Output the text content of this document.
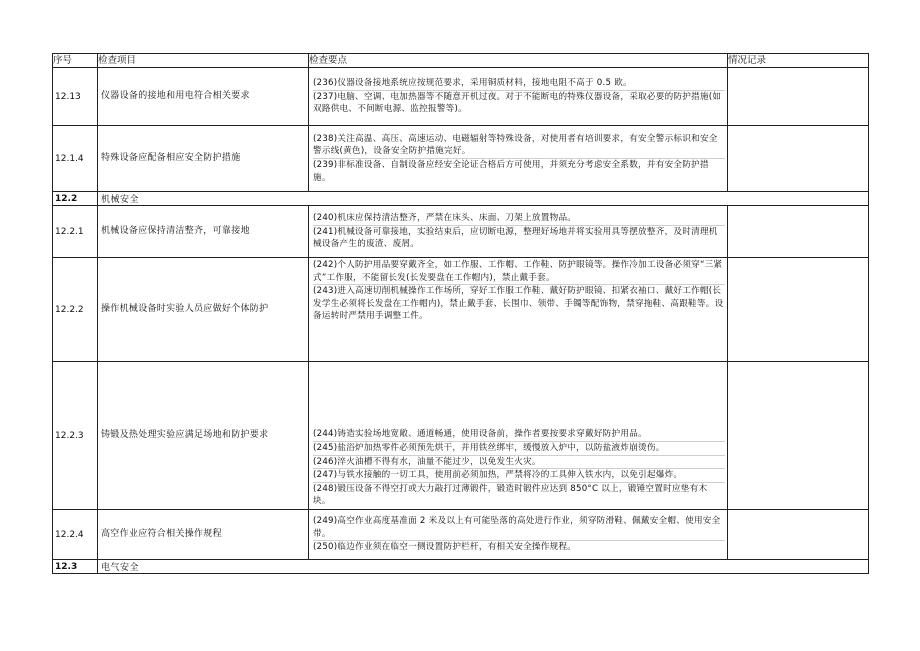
序号	检查项目	检查要点	情况记录
12.13	仪器设备的接地和用电符合相关要求	(236)仪器设备接地系统应按规范要求，采用铜质材料，接地电阻不高于 0.5 欧。

(237)电脑、空调、电加热器等不随意开机过夜。对于不能断电的特殊仪器设备，采取必要的防护措施(如双路供电、不间断电源、监控报警等)。	

12.1.4	特殊设备应配备相应安全防护措施	(238)关注高温、高压、高速运动、电磁辐射等特殊设备，对使用者有培训要求，有安全警示标识和安全警示线(黄色)，设备安全防护措施完好。

(239)非标准设备、自制设备应经安全论证合格后方可使用，并须充分考虑安全系数，并有安全防护措施。	

12.2	机械安全		
12.2.1	机械设备应保持清洁整齐，可靠接地	(240)机床应保持清洁整齐，严禁在床头、床面、刀架上放置物品。

(241)机械设备可靠接地，实验结束后，应切断电源，整理好场地并将实验用具等摆放整齐，及时清理机械设备产生的废渣、废屑。	

12.2.2	操作机械设备时实验人员应做好个体防护	(242)个人防护用品要穿戴齐全，如工作服、工作帽、工作鞋、防护眼镜等。操作冷加工设备必须穿“三紧式”工作服，不能留长发(长发要盘在工作帽内)，禁止戴手套。

(243)进入高速切削机械操作工作场所，穿好工作服工作鞋、戴好防护眼镜、扣紧衣袖口、戴好工作帽(长发学生必须将长发盘在工作帽内)，禁止戴手套、长围巾、领带、手镯等配饰物，禁穿拖鞋、高跟鞋等。设备运转时严禁用手调整工件。	

12.2.3	铸锻及热处理实验应满足场地和防护要求	(244)铸造实验场地宽敞、通道畅通，使用设备前，操作者要按要求穿戴好防护用品。

(245)盐浴炉加热零件必须预先烘干，并用铁丝绑牢，缓慢放入炉中，以防盐液炸崩烫伤。

(246)淬火油槽不得有水，油量不能过少，以免发生火灾。

(247)与铁水接触的一切工具，使用前必须加热，严禁将冷的工具伸入铁水内，以免引起爆炸。

(248)锻压设备不得空打或大力敲打过薄锻件，锻造时锻件应达到 850°C 以上，锻锤空置时应垫有木块。	

12.2.4	高空作业应符合相关操作规程	(249)高空作业高度基准面 2 米及以上有可能坠落的高处进行作业，须穿防滑鞋、佩戴安全帽、使用安全带。

(250)临边作业须在临空一侧设置防护栏杆，有相关安全操作规程。	

12.3	电气安全		
